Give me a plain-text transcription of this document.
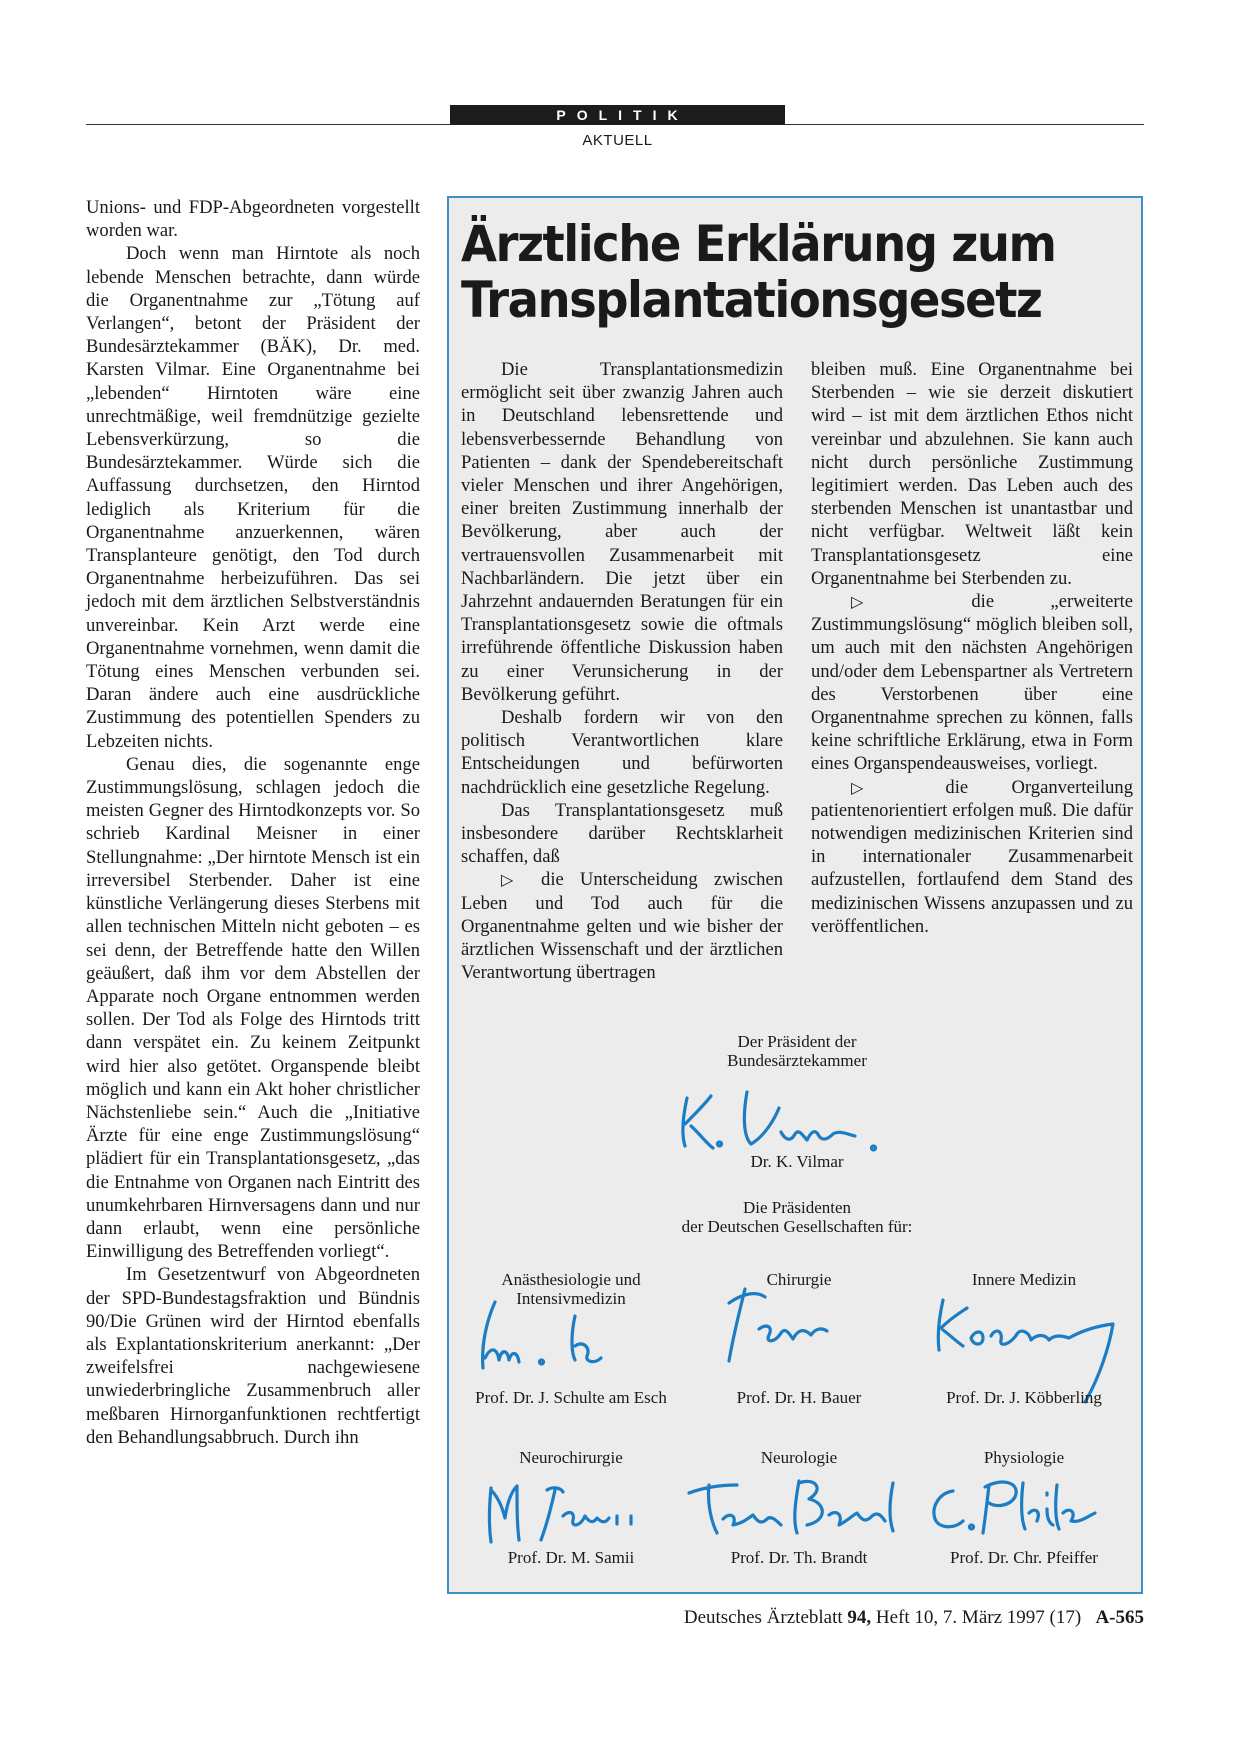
POLITIK
AKTUELL

Unions- und FDP-Abgeordneten vorgestellt worden war.

Doch wenn man Hirntote als noch lebende Menschen betrachte, dann würde die Organentnahme zur „Tötung auf Verlangen“, betont der Präsident der Bundesärztekammer (BÄK), Dr. med. Karsten Vilmar. Eine Organentnahme bei „lebenden“ Hirntoten wäre eine unrechtmäßige, weil fremdnützige gezielte Lebensverkürzung, so die Bundesärztekammer. Würde sich die Auffassung durchsetzen, den Hirntod lediglich als Kriterium für die Organentnahme anzuerkennen, wären Transplanteure genötigt, den Tod durch Organentnahme herbeizuführen. Das sei jedoch mit dem ärztlichen Selbstverständnis unvereinbar. Kein Arzt werde eine Organentnahme vornehmen, wenn damit die Tötung eines Menschen verbunden sei. Daran ändere auch eine ausdrückliche Zustimmung des potentiellen Spenders zu Lebzeiten nichts.

Genau dies, die sogenannte enge Zustimmungslösung, schlagen jedoch die meisten Gegner des Hirntodkonzepts vor. So schrieb Kardinal Meisner in einer Stellungnahme: „Der hirntote Mensch ist ein irreversibel Sterbender. Daher ist eine künstliche Verlängerung dieses Sterbens mit allen technischen Mitteln nicht geboten – es sei denn, der Betreffende hatte den Willen geäußert, daß ihm vor dem Abstellen der Apparate noch Organe entnommen werden sollen. Der Tod als Folge des Hirntods tritt dann verspätet ein. Zu keinem Zeitpunkt wird hier also getötet. Organspende bleibt möglich und kann ein Akt hoher christlicher Nächstenliebe sein.“ Auch die „Initiative Ärzte für eine enge Zustimmungslösung“ plädiert für ein Transplantationsgesetz, „das die Entnahme von Organen nach Eintritt des unumkehrbaren Hirnversagens dann und nur dann erlaubt, wenn eine persönliche Einwilligung des Betreffenden vorliegt“.

Im Gesetzentwurf von Abgeordneten der SPD-Bundestagsfraktion und Bündnis 90/Die Grünen wird der Hirntod ebenfalls als Explantationskriterium anerkannt: „Der zweifelsfrei nachgewiesene unwiederbringliche Zusammenbruch aller meßbaren Hirnorganfunktionen rechtfertigt den Behandlungsabbruch. Durch ihn

Ärztliche Erklärung zum
Transplantationsgesetz

Die Transplantationsmedizin ermöglicht seit über zwanzig Jahren auch in Deutschland lebensrettende und lebensverbessernde Behandlung von Patienten – dank der Spendebereitschaft vieler Menschen und ihrer Angehörigen, einer breiten Zustimmung innerhalb der Bevölkerung, aber auch der vertrauensvollen Zusammenarbeit mit Nachbarländern. Die jetzt über ein Jahrzehnt andauernden Beratungen für ein Transplantationsgesetz sowie die oftmals irreführende öffentliche Diskussion haben zu einer Verunsicherung in der Bevölkerung geführt.

Deshalb fordern wir von den politisch Verantwortlichen klare Entscheidungen und befürworten nachdrücklich eine gesetzliche Regelung.

Das Transplantationsgesetz muß insbesondere darüber Rechtsklarheit schaffen, daß

▷ die Unterscheidung zwischen Leben und Tod auch für die Organentnahme gelten und wie bisher der ärztlichen Wissenschaft und der ärztlichen Verantwortung übertragen

bleiben muß. Eine Organentnahme bei Sterbenden – wie sie derzeit diskutiert wird – ist mit dem ärztlichen Ethos nicht vereinbar und abzulehnen. Sie kann auch nicht durch persönliche Zustimmung legitimiert werden. Das Leben auch des sterbenden Menschen ist unantastbar und nicht verfügbar. Weltweit läßt kein Transplantationsgesetz eine Organentnahme bei Sterbenden zu.

▷	die „erweiterte Zustimmungslösung“ möglich bleiben soll, um auch mit den nächsten Angehörigen und/oder dem Lebenspartner als Vertretern des Verstorbenen über eine Organentnahme sprechen zu können, falls keine schriftliche Erklärung, etwa in Form eines Organspendeausweises, vorliegt.

▷ die Organverteilung patientenorientiert erfolgen muß. Die dafür notwendigen medizinischen Kriterien sind in internationaler Zusammenarbeit aufzustellen, fortlaufend dem Stand des medizinischen Wissens anzupassen und zu veröffentlichen.

Der Präsident der
Bundesärztekammer
Dr. K. Vilmar
Die Präsidenten
der Deutschen Gesellschaften für:
Anästhesiologie und
Intensivmedizin
Chirurgie	Innere Medizin
Prof. Dr. J. Schulte am Esch	Prof. Dr. H. Bauer	Prof. Dr. J. Köbberling
Neurochirurgie	Neurologie	Physiologie
Prof. Dr. M. Samii	Prof. Dr. Th. Brandt	Prof. Dr. Chr. Pfeiffer
Deutsches Ärzteblatt 94, Heft 10, 7. März 1997 (17) A-565
